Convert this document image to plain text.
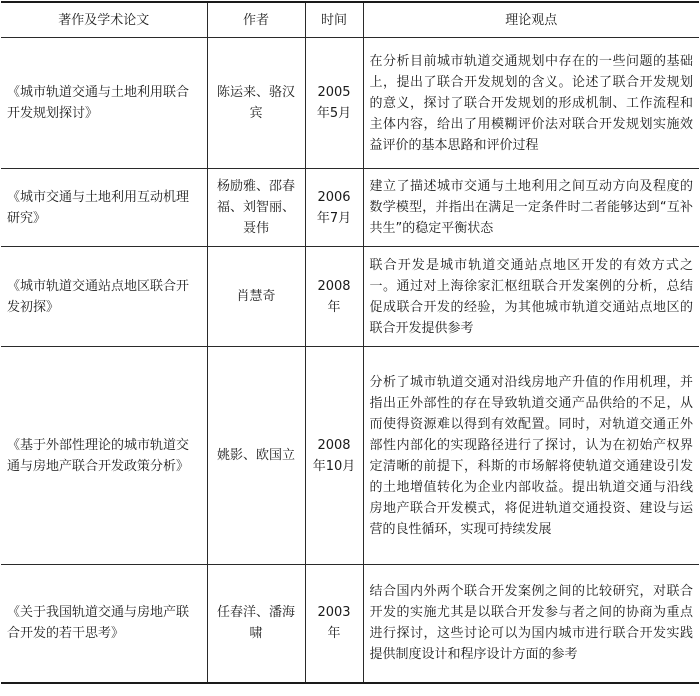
著作及学术论文	作者	时间	理论观点
《城市轨道交通与土地利用联合开发规划探讨》	陈运来、骆汉宾	2005年5月	在分析目前城市轨道交通规划中存在的一些问题的基础上，提出了联合开发规划的含义。论述了联合开发规划的意义，探讨了联合开发规划的形成机制、工作流程和主体内容，给出了用模糊评价法对联合开发规划实施效益评价的基本思路和评价过程
《城市交通与土地利用互动机理研究》	杨励雅、邵春福、刘智丽、聂伟	2006年7月	建立了描述城市交通与土地利用之间互动方向及程度的数学模型，并指出在满足一定条件时二者能够达到“互补共生”的稳定平衡状态
《城市轨道交通站点地区联合开发初探》	肖慧奇	2008年	联合开发是城市轨道交通站点地区开发的有效方式之一。通过对上海徐家汇枢纽联合开发案例的分析，总结促成联合开发的经验，为其他城市轨道交通站点地区的联合开发提供参考
《基于外部性理论的城市轨道交通与房地产联合开发政策分析》	姚影、欧国立	2008年10月	分析了城市轨道交通对沿线房地产升值的作用机理，并指出正外部性的存在导致轨道交通产品供给的不足，从而使得资源难以得到有效配置。同时，对轨道交通正外部性内部化的实现路径进行了探讨，认为在初始产权界定清晰的前提下，科斯的市场解将使轨道交通建设引发的土地增值转化为企业内部收益。提出轨道交通与沿线房地产联合开发模式，将促进轨道交通投资、建设与运营的良性循环，实现可持续发展
《关于我国轨道交通与房地产联合开发的若干思考》	任春洋、潘海啸	2003年	结合国内外两个联合开发案例之间的比较研究，对联合开发的实施尤其是以联合开发参与者之间的协商为重点进行探讨，这些讨论可以为国内城市进行联合开发实践提供制度设计和程序设计方面的参考
